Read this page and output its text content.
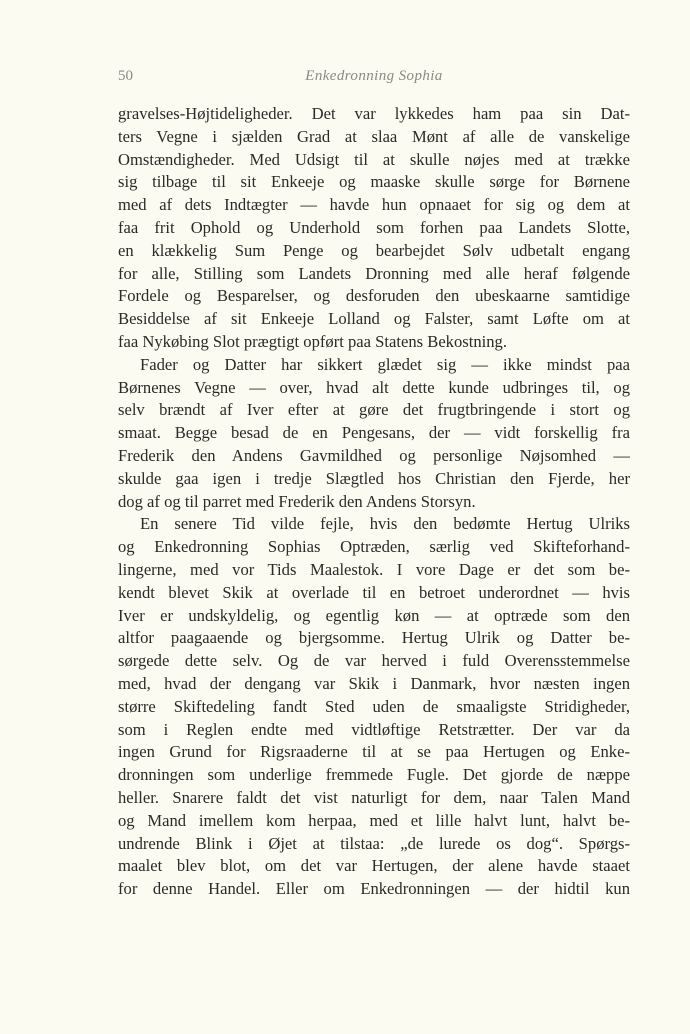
50	Enkedronning Sophia
gravelses-Højtideligheder. Det var lykkedes ham paa sin Dat-
ters Vegne i sjælden Grad at slaa Mønt af alle de vanskelige
Omstændigheder. Med Udsigt til at skulle nøjes med at trække
sig tilbage til sit Enkeeje og maaske skulle sørge for Børnene
med af dets Indtægter — havde hun opnaaet for sig og dem at
faa frit Ophold og Underhold som forhen paa Landets Slotte,
en klækkelig Sum Penge og bearbejdet Sølv udbetalt engang
for alle, Stilling som Landets Dronning med alle heraf følgende
Fordele og Besparelser, og desforuden den ubeskaarne samtidige
Besiddelse af sit Enkeeje Lolland og Falster, samt Løfte om at
faa Nykøbing Slot prægtigt opført paa Statens Bekostning.
Fader og Datter har sikkert glædet sig — ikke mindst paa
Børnenes Vegne — over, hvad alt dette kunde udbringes til, og
selv brændt af Iver efter at gøre det frugtbringende i stort og
smaat. Begge besad de en Pengesans, der — vidt forskellig fra
Frederik den Andens Gavmildhed og personlige Nøjsomhed —
skulde gaa igen i tredje Slægtled hos Christian den Fjerde, her
dog af og til parret med Frederik den Andens Storsyn.
En senere Tid vilde fejle, hvis den bedømte Hertug Ulriks
og Enkedronning Sophias Optræden, særlig ved Skifteforhand-
lingerne, med vor Tids Maalestok. I vore Dage er det som be-
kendt blevet Skik at overlade til en betroet underordnet — hvis
Iver er undskyldelig, og egentlig køn — at optræde som den
altfor paagaaende og bjergsomme. Hertug Ulrik og Datter be-
sørgede dette selv. Og de var herved i fuld Overensstemmelse
med, hvad der dengang var Skik i Danmark, hvor næsten ingen
større Skiftedeling fandt Sted uden de smaaligste Stridigheder,
som i Reglen endte med vidtløftige Retstrætter. Der var da
ingen Grund for Rigsraaderne til at se paa Hertugen og Enke-
dronningen som underlige fremmede Fugle. Det gjorde de næppe
heller. Snarere faldt det vist naturligt for dem, naar Talen Mand
og Mand imellem kom herpaa, med et lille halvt lunt, halvt be-
undrende Blink i Øjet at tilstaa: „de lurede os dog“. Spørgs-
maalet blev blot, om det var Hertugen, der alene havde staaet
for denne Handel. Eller om Enkedronningen — der hidtil kun
